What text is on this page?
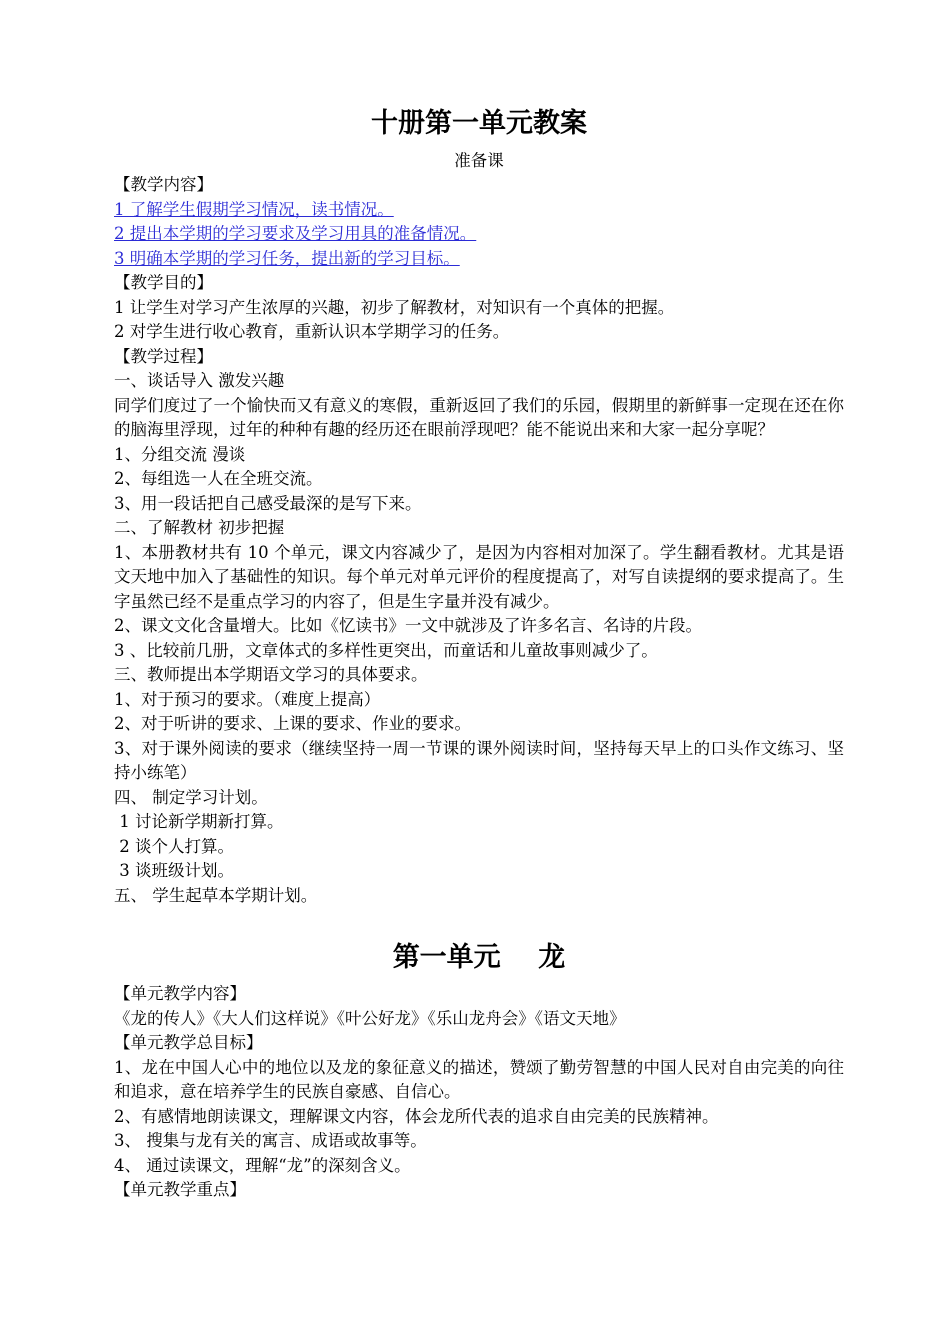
十册第一单元教案
准备课
【教学内容】
1 了解学生假期学习情况，读书情况。
2 提出本学期的学习要求及学习用具的准备情况。
3 明确本学期的学习任务，提出新的学习目标。
【教学目的】
1 让学生对学习产生浓厚的兴趣，初步了解教材，对知识有一个真体的把握。
2 对学生进行收心教育，重新认识本学期学习的任务。
【教学过程】
一、谈话导入 激发兴趣
同学们度过了一个愉快而又有意义的寒假，重新返回了我们的乐园，假期里的新鲜事一定现在还在你的脑海里浮现，过年的种种有趣的经历还在眼前浮现吧？能不能说出来和大家一起分享呢？
1、分组交流 漫谈
2、每组选一人在全班交流。
3、用一段话把自己感受最深的是写下来。
二、了解教材 初步把握
1、本册教材共有 10 个单元，课文内容减少了，是因为内容相对加深了。学生翻看教材。尤其是语文天地中加入了基础性的知识。每个单元对单元评价的程度提高了，对写自读提纲的要求提高了。生字虽然已经不是重点学习的内容了，但是生字量并没有减少。
2、课文文化含量增大。比如《忆读书》一文中就涉及了许多名言、名诗的片段。
3 、比较前几册，文章体式的多样性更突出，而童话和儿童故事则减少了。
三、教师提出本学期语文学习的具体要求。
1、对于预习的要求。（难度上提高）
2、对于听讲的要求、上课的要求、作业的要求。
3、对于课外阅读的要求（继续坚持一周一节课的课外阅读时间，坚持每天早上的口头作文练习、坚持小练笔）
四、 制定学习计划。
1 讨论新学期新打算。
2 谈个人打算。
3 谈班级计划。
五、 学生起草本学期计划。
第一单元    龙
【单元教学内容】
《龙的传人》《大人们这样说》《叶公好龙》《乐山龙舟会》《语文天地》
【单元教学总目标】
1、龙在中国人心中的地位以及龙的象征意义的描述，赞颂了勤劳智慧的中国人民对自由完美的向往和追求，意在培养学生的民族自豪感、自信心。
2、有感情地朗读课文，理解课文内容，体会龙所代表的追求自由完美的民族精神。
3、 搜集与龙有关的寓言、成语或故事等。
4、 通过读课文，理解“龙”的深刻含义。
【单元教学重点】
